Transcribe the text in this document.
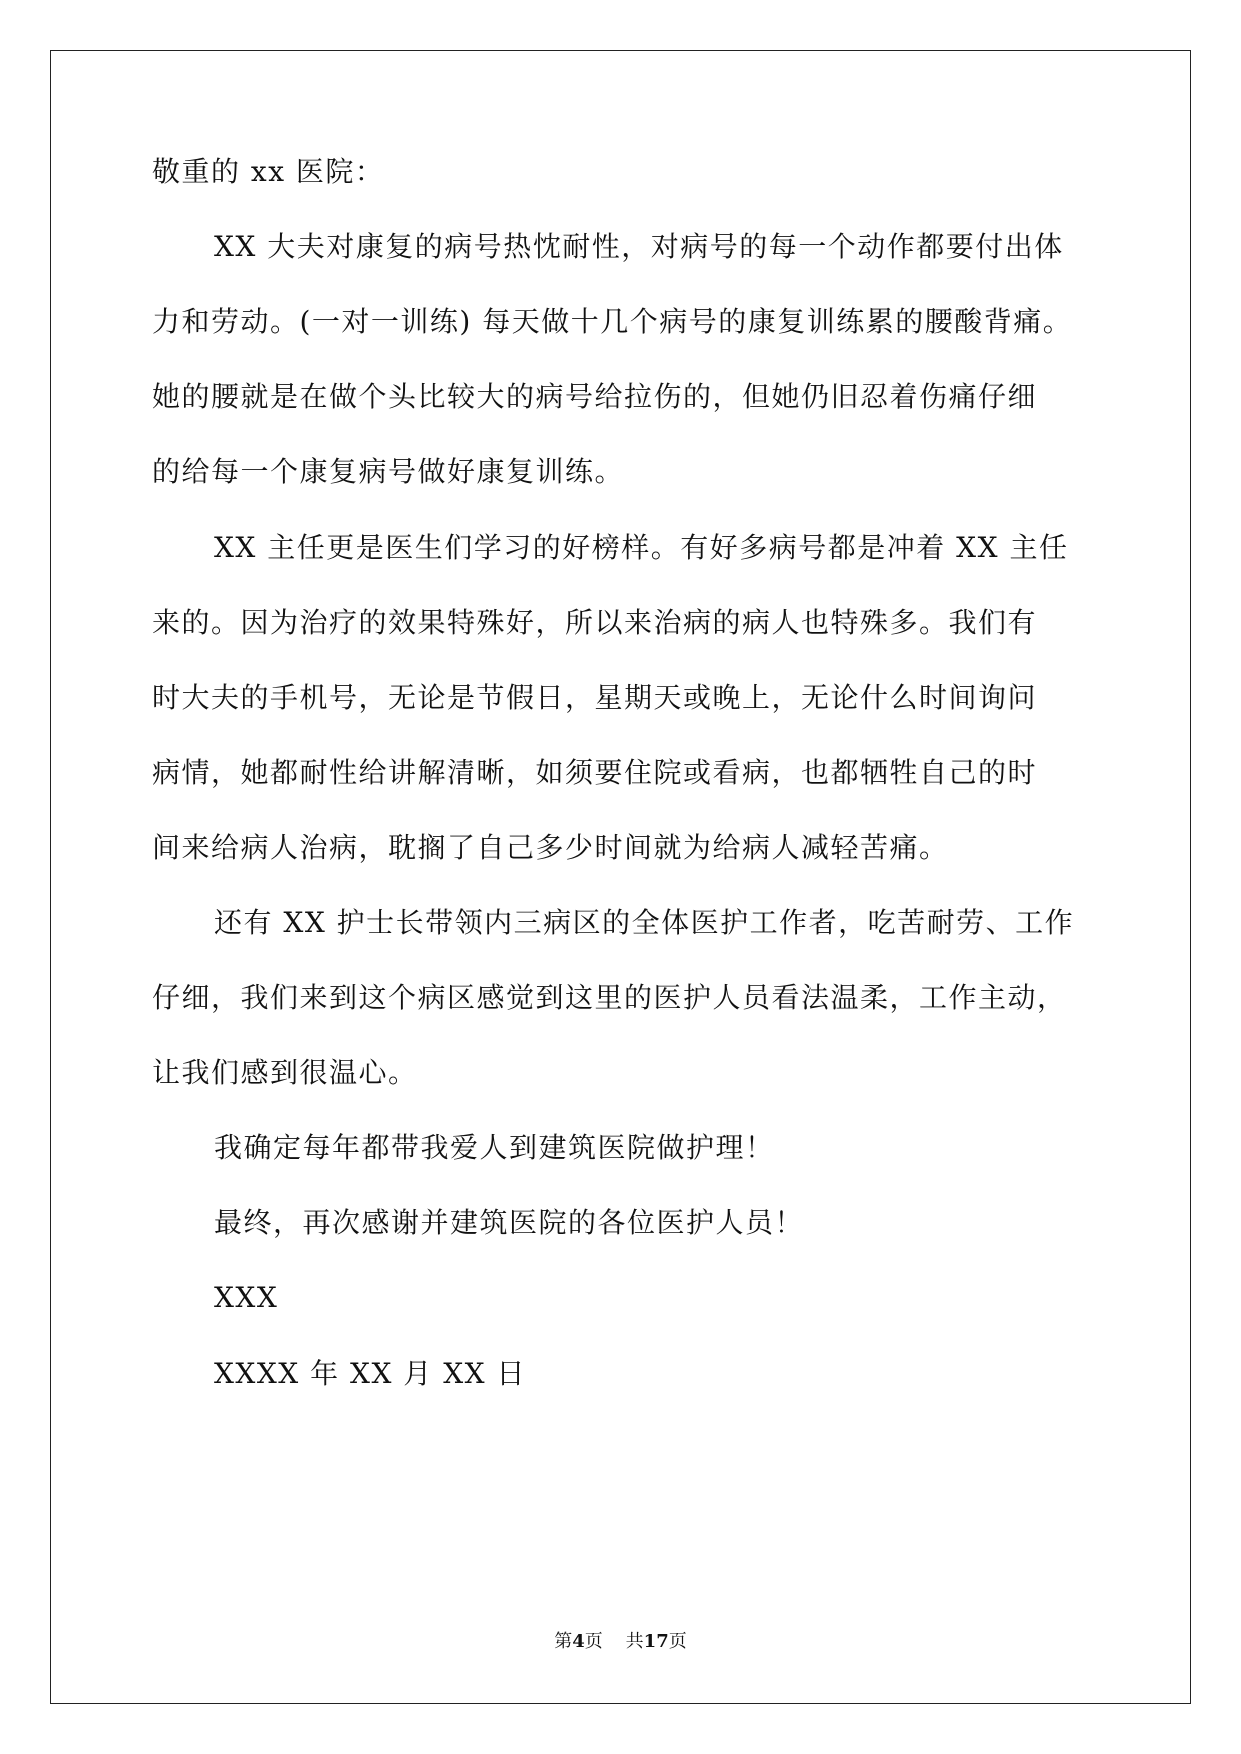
敬重的 xx 医院：
XX 大夫对康复的病号热忱耐性，对病号的每一个动作都要付出体
力和劳动。(一对一训练) 每天做十几个病号的康复训练累的腰酸背痛。
她的腰就是在做个头比较大的病号给拉伤的，但她仍旧忍着伤痛仔细
的给每一个康复病号做好康复训练。
XX 主任更是医生们学习的好榜样。有好多病号都是冲着 XX 主任
来的。因为治疗的效果特殊好，所以来治病的病人也特殊多。我们有
时大夫的手机号，无论是节假日，星期天或晚上，无论什么时间询问
病情，她都耐性给讲解清晰，如须要住院或看病，也都牺牲自己的时
间来给病人治病，耽搁了自己多少时间就为给病人减轻苦痛。
还有 XX 护士长带领内三病区的全体医护工作者，吃苦耐劳、工作
仔细，我们来到这个病区感觉到这里的医护人员看法温柔，工作主动，
让我们感到很温心。
我确定每年都带我爱人到建筑医院做护理！
最终，再次感谢并建筑医院的各位医护人员！
XXX
XXXX 年 XX 月 XX 日
第4页    共17页
